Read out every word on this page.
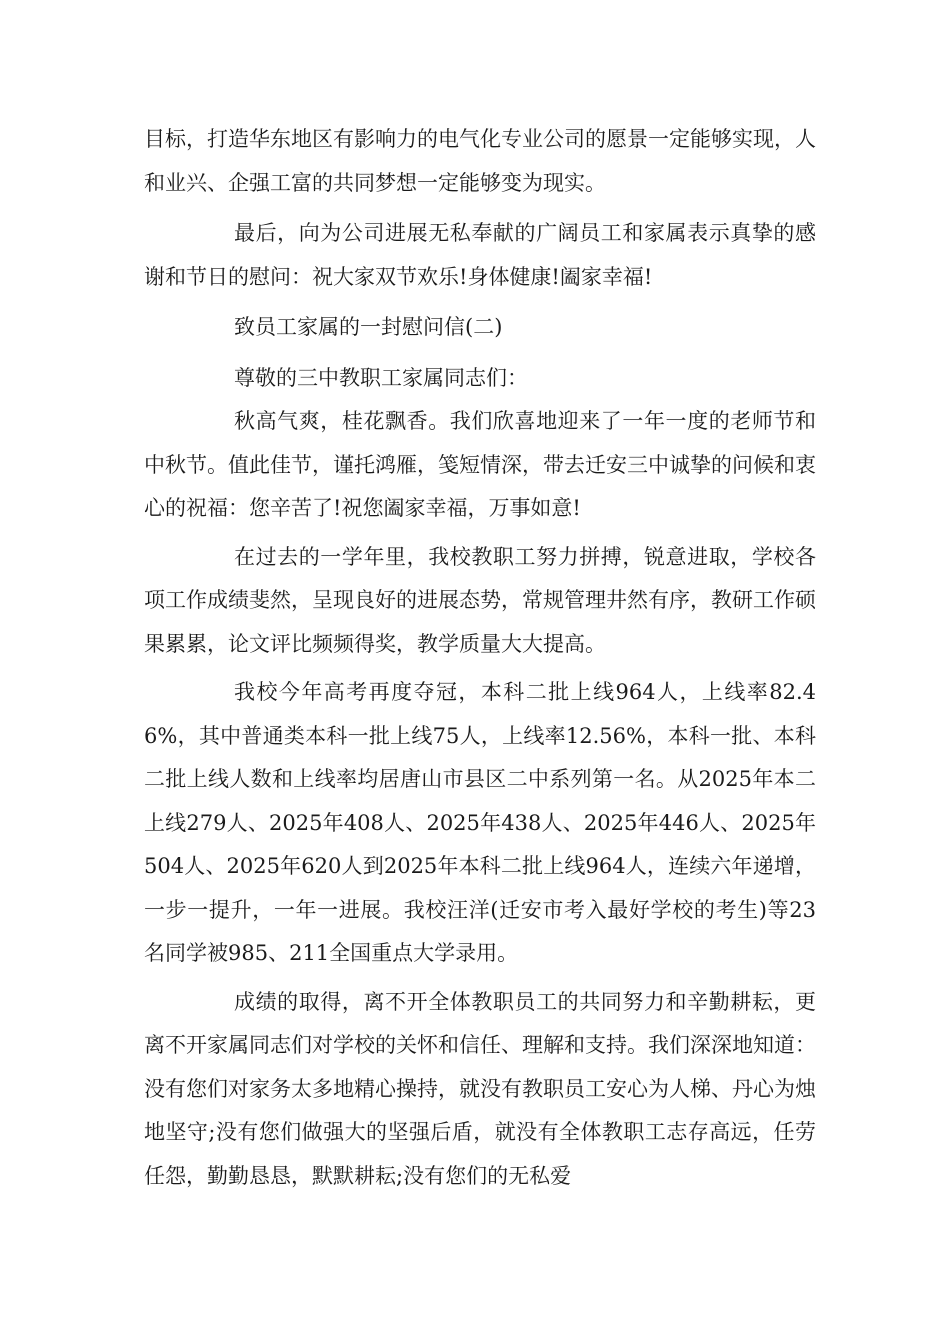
目标，打造华东地区有影响力的电气化专业公司的愿景一定能够实现，人和业兴、企强工富的共同梦想一定能够变为现实。

最后，向为公司进展无私奉献的广阔员工和家属表示真挚的感谢和节日的慰问：祝大家双节欢乐!身体健康!阖家幸福!

致员工家属的一封慰问信(二)

尊敬的三中教职工家属同志们：

秋高气爽，桂花飘香。我们欣喜地迎来了一年一度的老师节和中秋节。值此佳节，谨托鸿雁，笺短情深，带去迁安三中诚挚的问候和衷心的祝福：您辛苦了!祝您阖家幸福，万事如意!

在过去的一学年里，我校教职工努力拼搏，锐意进取，学校各项工作成绩斐然，呈现良好的进展态势，常规管理井然有序，教研工作硕果累累，论文评比频频得奖，教学质量大大提高。

我校今年高考再度夺冠，本科二批上线964人，上线率82.46%，其中普通类本科一批上线75人，上线率12.56%，本科一批、本科二批上线人数和上线率均居唐山市县区二中系列第一名。从2025年本二上线279人、2025年408人、2025年438人、2025年446人、2025年504人、2025年620人到2025年本科二批上线964人，连续六年递增，一步一提升，一年一进展。我校汪洋(迁安市考入最好学校的考生)等23名同学被985、211全国重点大学录用。

成绩的取得，离不开全体教职员工的共同努力和辛勤耕耘，更离不开家属同志们对学校的关怀和信任、理解和支持。我们深深地知道：没有您们对家务太多地精心操持，就没有教职员工安心为人梯、丹心为烛地坚守;没有您们做强大的坚强后盾，就没有全体教职工志存高远，任劳任怨，勤勤恳恳，默默耕耘;没有您们的无私爱
